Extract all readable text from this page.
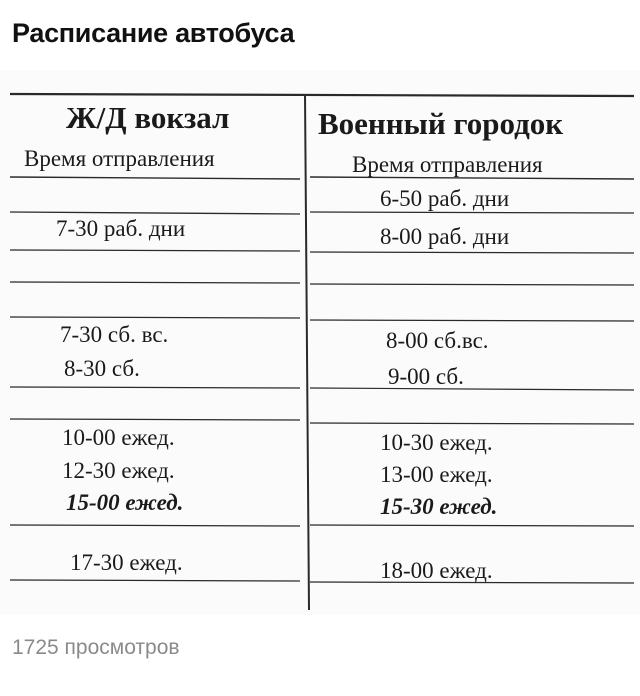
Расписание автобуса
Ж/Д вокзал	Военный городок
Время отправления	Время отправления
7-30 раб. дни
7-30 сб. вс.
8-30 сб.
10-00 ежед.
12-30 ежед.
15-00 ежед.
17-30 ежед.
6-50 раб. дни
8-00 раб. дни
8-00 сб.вс.
9-00 сб.
10-30 ежед.
13-00 ежед.
15-30 ежед.
18-00 ежед.
1725 просмотров
